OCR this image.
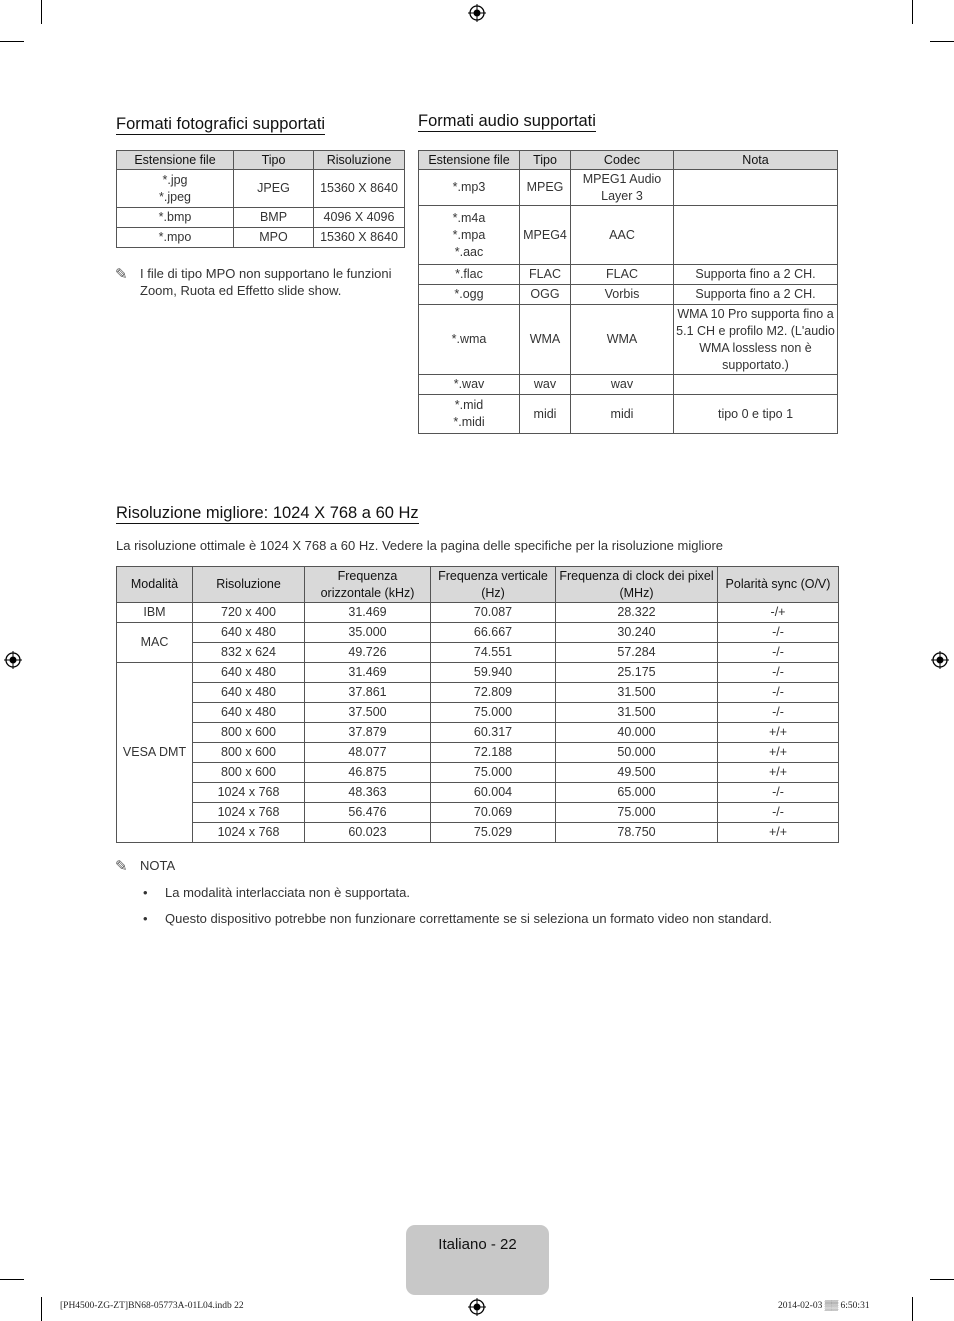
Formati fotografici supportati
Estensione file	Tipo	Risoluzione

*.jpg
*.jpeg	JPEG	15360 X 8640

*.bmp	BMP	4096 X 4096

*.mpo	MPO	15360 X 8640
✎ I file di tipo MPO non supportano le funzioni Zoom, Ruota ed Effetto slide show.
Formati audio supportati
Estensione file	Tipo	Codec	Nota

*.mp3	MPEG	MPEG1 Audio Layer 3	

*.m4a
*.mpa
*.aac	MPEG4	AAC	

*.flac	FLAC	FLAC	Supporta fino a 2 CH.

*.ogg	OGG	Vorbis	Supporta fino a 2 CH.

*.wma	WMA	WMA	WMA 10 Pro supporta fino a 5.1 CH e profilo M2. (L'audio WMA lossless non è supportato.)

*.wav	wav	wav	

*.mid
*.midi	midi	midi	tipo 0 e tipo 1
Risoluzione migliore: 1024 X 768 a 60 Hz
La risoluzione ottimale è 1024 X 768 a 60 Hz. Vedere la pagina delle specifiche per la risoluzione migliore
Modalità	Risoluzione	Frequenza orizzontale (kHz)	Frequenza verticale (Hz)	Frequenza di clock dei pixel (MHz)	Polarità sync (O/V)
IBM	720 x 400	31.469	70.087	28.322	-/+
MAC	640 x 480	35.000	66.667	30.240	-/-
	832 x 624	49.726	74.551	57.284	-/-
VESA DMT	640 x 480	31.469	59.940	25.175	-/-
	640 x 480	37.861	72.809	31.500	-/-
	640 x 480	37.500	75.000	31.500	-/-
	800 x 600	37.879	60.317	40.000	+/+
	800 x 600	48.077	72.188	50.000	+/+
	800 x 600	46.875	75.000	49.500	+/+
	1024 x 768	48.363	60.004	65.000	-/-
	1024 x 768	56.476	70.069	75.000	-/-
	1024 x 768	60.023	75.029	78.750	+/+
✎ NOTA
• La modalità interlacciata non è supportata.
• Questo dispositivo potrebbe non funzionare correttamente se si seleziona un formato video non standard.
Italiano - 22
[PH4500-ZG-ZT]BN68-05773A-01L04.indb 22	2014-02-03 ▒▒ 6:50:31
